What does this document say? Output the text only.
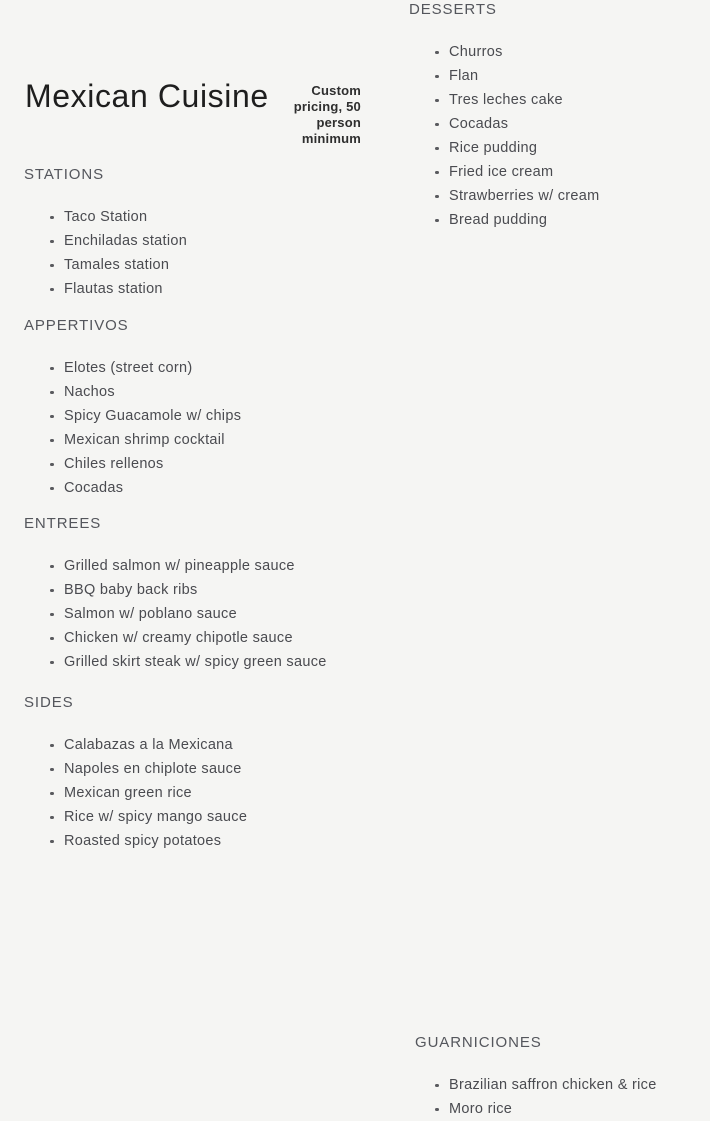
Mexican Cuisine	Custom pricing, 50 person minimum
STATIONS
Taco Station
Enchiladas station
Tamales station
Flautas station
APPERTIVOS
Elotes (street corn)
Nachos
Spicy Guacamole w/ chips
Mexican shrimp cocktail
Chiles rellenos
Cocadas
ENTREES
Grilled salmon w/ pineapple sauce
BBQ baby back ribs
Salmon w/ poblano sauce
Chicken w/ creamy chipotle sauce
Grilled skirt steak w/ spicy green sauce
SIDES
Calabazas a la Mexicana
Napoles en chiplote sauce
Mexican green rice
Rice w/ spicy mango sauce
Roasted spicy potatoes
DESSERTS
Churros
Flan
Tres leches cake
Cocadas
Rice pudding
Fried ice cream
Strawberries w/ cream
Bread pudding
GUARNICIONES
Brazilian saffron chicken & rice
Moro rice
